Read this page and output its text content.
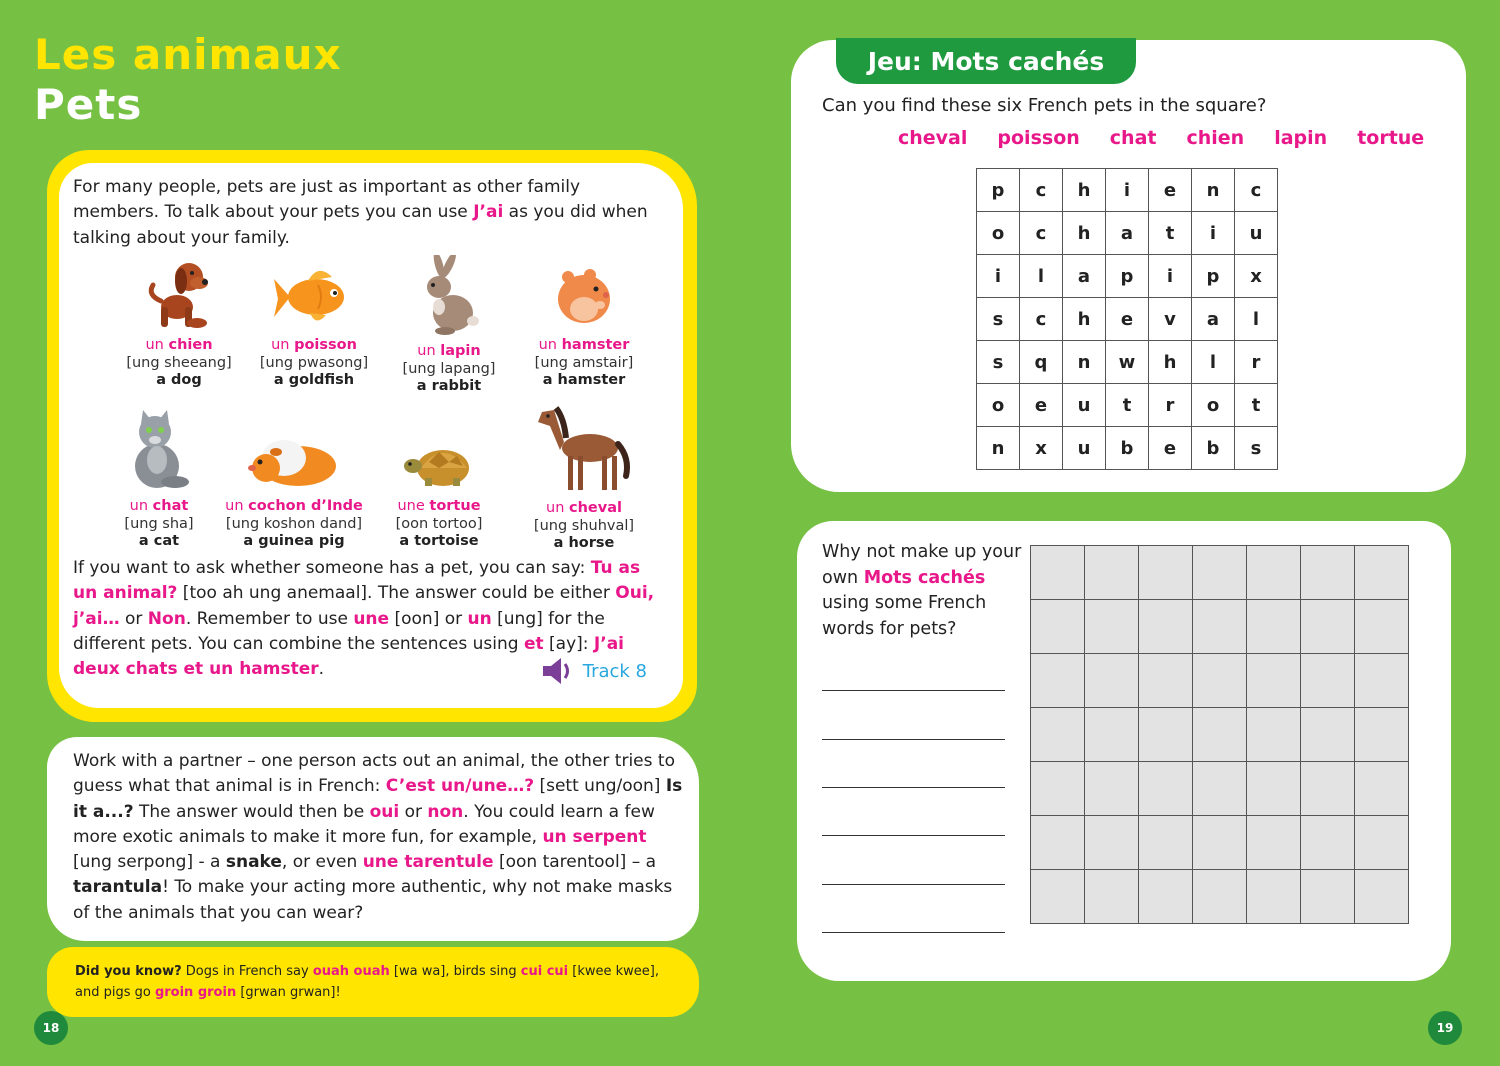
Les animaux
Pets
For many people, pets are just as important as other family members. To talk about your pets you can use J’ai as you did when talking about your family.
un chien
[ung sheeang]
a dog
un poisson
[ung pwasong]
a goldfish
un lapin
[ung lapang]
a rabbit
un hamster
[ung amstair]
a hamster
un chat
[ung sha]
a cat
un cochon d’Inde
[ung koshon dand]
a guinea pig
une tortue
[oon tortoo]
a tortoise
un cheval
[ung shuhval]
a horse
If you want to ask whether someone has a pet, you can say: Tu as un animal? [too ah ung anemaal]. The answer could be either Oui, j’ai… or Non. Remember to use une [oon] or un [ung] for the different pets. You can combine the sentences using et [ay]: J’ai deux chats et un hamster.	Track 8
Work with a partner – one person acts out an animal, the other tries to guess what that animal is in French: C’est un/une…? [sett ung/oon] Is it a...? The answer would then be oui or non. You could learn a few more exotic animals to make it more fun, for example, un serpent [ung serpong] - a snake, or even une tarentule [oon tarentool] – a tarantula! To make your acting more authentic, why not make masks of the animals that you can wear?
Did you know? Dogs in French say ouah ouah [wa wa], birds sing cui cui [kwee kwee], and pigs go groin groin [grwan grwan]!
18	19
Jeu: Mots cachés
Can you find these six French pets in the square?
cheval poisson chat chien lapin tortue
p	c	h	i	e	n	c
o	c	h	a	t	i	u
i	l	a	p	i	p	x
s	c	h	e	v	a	l
s	q	n	w	h	l	r
o	e	u	t	r	o	t
n	x	u	b	e	b	s
Why not make up your own Mots cachés using some French words for pets?
